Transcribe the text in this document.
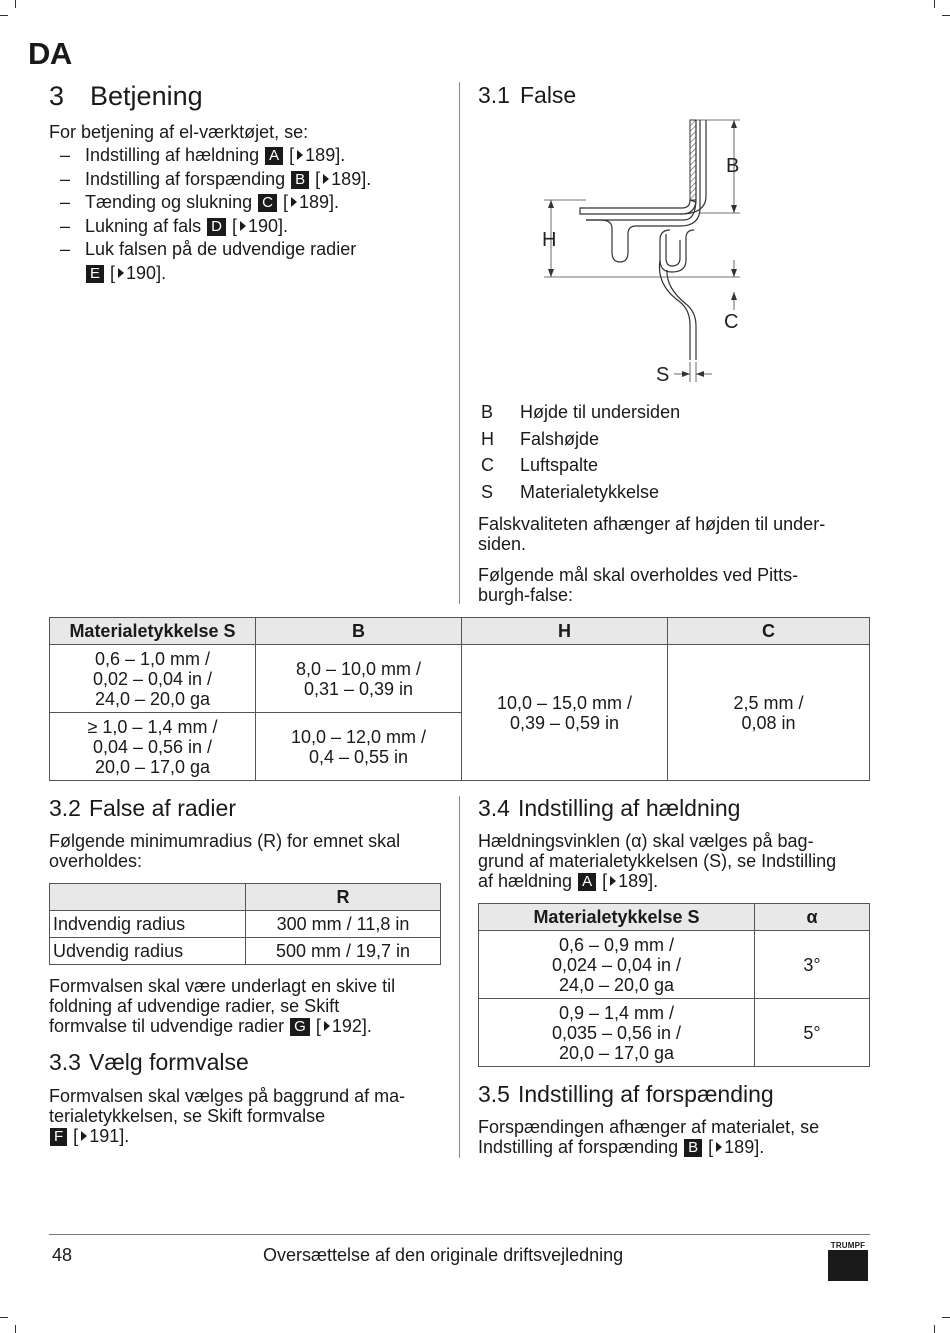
DA
3 Betjening
For betjening af el-værktøjet, se:
– Indstilling af hældning A [ 189].
– Indstilling af forspænding B [ 189].
– Tænding og slukning C [ 189].
– Lukning af fals D [ 190].
– Luk falsen på de udvendige radier
E [ 190].
3.1 False
B
H
C
S
B Højde til undersiden
H Falshøjde
C Luftspalte
S Materialetykkelse
Falskvaliteten afhænger af højden til under-
siden.
Følgende mål skal overholdes ved Pitts-
burgh-false:
Materialetykkelse S	B	H	C
0,6 – 1,0 mm /
0,02 – 0,04 in /
24,0 – 20,0 ga	8,0 – 10,0 mm /
0,31 – 0,39 in	10,0 – 15,0 mm /
0,39 – 0,59 in	2,5 mm /
0,08 in
≥ 1,0 – 1,4 mm /
0,04 – 0,56 in /
20,0 – 17,0 ga	10,0 – 12,0 mm /
0,4 – 0,55 in		
3.2 False af radier
Følgende minimumradius (R) for emnet skal
overholdes:
	R
Indvendig radius	300 mm / 11,8 in
Udvendig radius	500 mm / 19,7 in
Formvalsen skal være underlagt en skive til
foldning af udvendige radier, se Skift
formvalse til udvendige radier G [ 192].
3.3 Vælg formvalse
Formvalsen skal vælges på baggrund af ma-
terialetykkelsen, se Skift formvalse
F [ 191].
3.4 Indstilling af hældning
Hældningsvinklen (α) skal vælges på bag-
grund af materialetykkelsen (S), se Indstilling
af hældning A [ 189].
Materialetykkelse S	α
0,6 – 0,9 mm /
0,024 – 0,04 in /
24,0 – 20,0 ga	3°
0,9 – 1,4 mm /
0,035 – 0,56 in /
20,0 – 17,0 ga	5°
3.5 Indstilling af forspænding
Forspændingen afhænger af materialet, se
Indstilling af forspænding B [ 189].
48	Oversættelse af den originale driftsvejledning	TRUMPF
